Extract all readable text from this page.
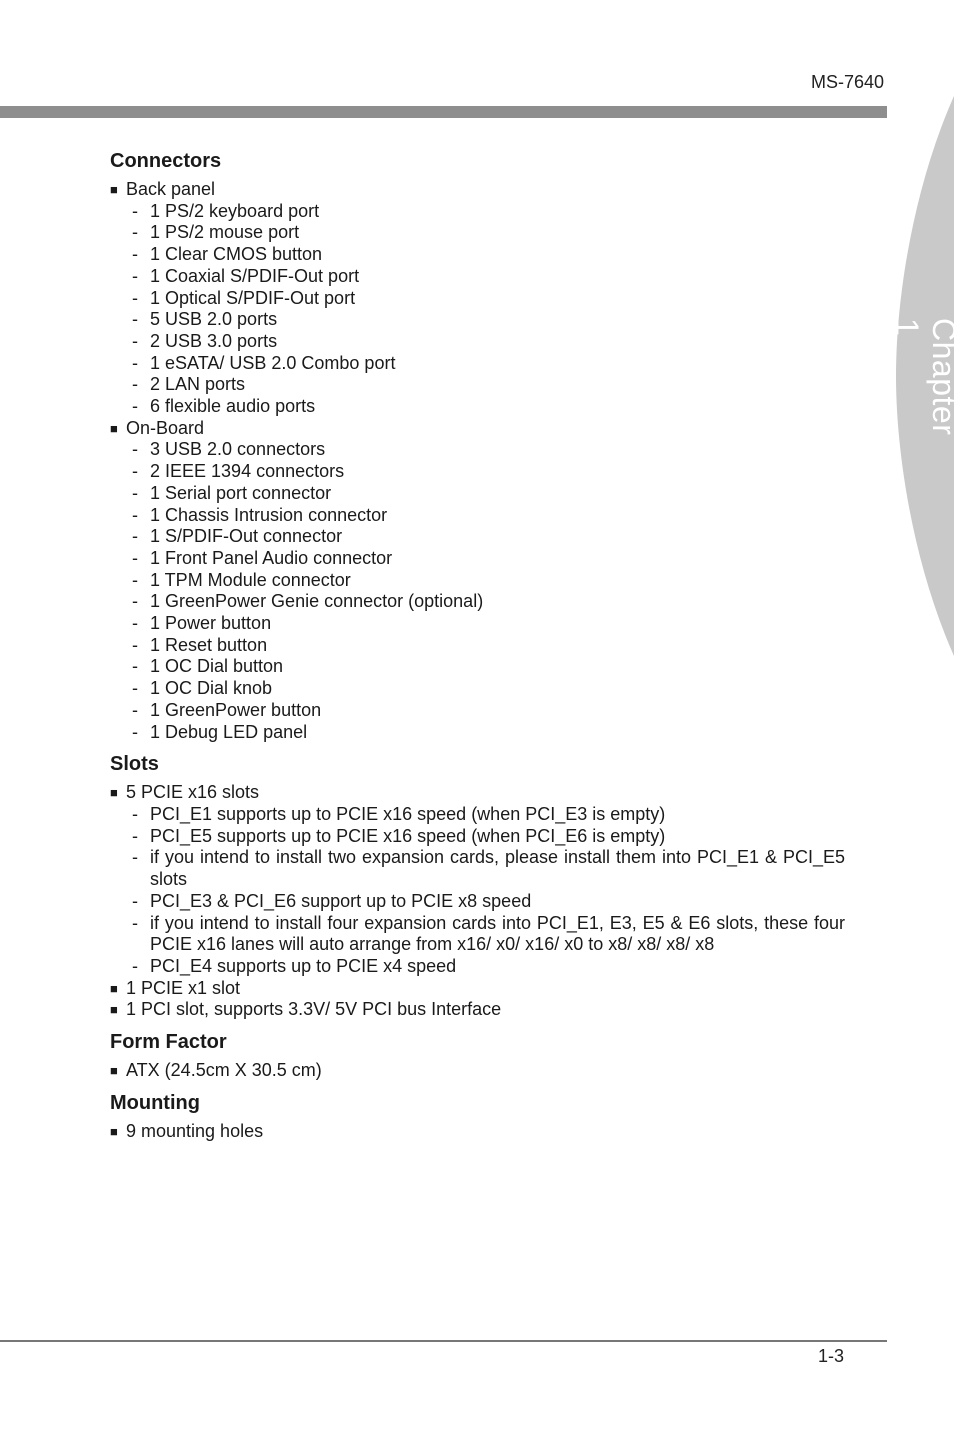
MS-7640
Chapter 1
Connectors
■ Back panel
- 1 PS/2 keyboard port
- 1 PS/2 mouse port
- 1 Clear CMOS button
- 1 Coaxial S/PDIF-Out port
- 1 Optical S/PDIF-Out port
- 5 USB 2.0 ports
- 2 USB 3.0 ports
- 1 eSATA/ USB 2.0 Combo port
- 2 LAN ports
- 6 flexible audio ports
■ On-Board
- 3 USB 2.0 connectors
- 2 IEEE 1394 connectors
- 1 Serial port connector
- 1 Chassis Intrusion connector
- 1 S/PDIF-Out connector
- 1 Front Panel Audio connector
- 1 TPM Module connector
- 1 GreenPower Genie connector (optional)
- 1 Power button
- 1 Reset button
- 1 OC Dial button
- 1 OC Dial knob
- 1 GreenPower button
- 1 Debug LED panel
Slots
■ 5 PCIE x16 slots
- PCI_E1 supports up to PCIE x16 speed (when PCI_E3 is empty)
- PCI_E5 supports up to PCIE x16 speed (when PCI_E6 is empty)
- if you intend to install two expansion cards, please install them into PCI_E1 & PCI_E5 slots
- PCI_E3 & PCI_E6 support up to PCIE x8 speed
- if you intend to install four expansion cards into PCI_E1, E3, E5 & E6 slots, these four PCIE x16 lanes will auto arrange from x16/ x0/ x16/ x0 to x8/ x8/ x8/ x8
- PCI_E4 supports up to PCIE x4 speed
■ 1 PCIE x1 slot
■ 1 PCI slot, supports 3.3V/ 5V PCI bus Interface
Form Factor
■ ATX (24.5cm X 30.5 cm)
Mounting
■ 9 mounting holes
1-3
